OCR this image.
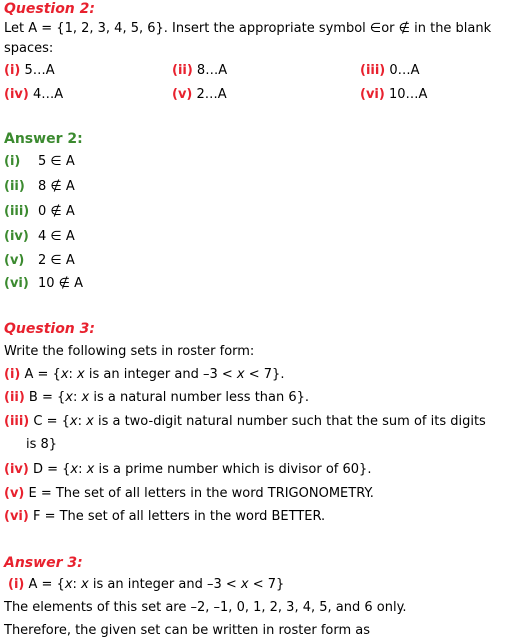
Question 2:
Let A = {1, 2, 3, 4, 5, 6}. Insert the appropriate symbol ∈or ∉ in the blank
spaces:
(i) 5…A	(ii) 8…A	(iii) 0…A
(iv) 4…A	(v) 2…A	(vi) 10…A
Answer 2:
(i) 5 ∈ A
(ii) 8 ∉ A
(iii) 0 ∉ A
(iv) 4 ∈ A
(v) 2 ∈ A
(vi) 10 ∉ A
Question 3:
Write the following sets in roster form:
(i) A = {x: x is an integer and –3 < x < 7}.
(ii) B = {x: x is a natural number less than 6}.
(iii) C = {x: x is a two-digit natural number such that the sum of its digits
is 8}
(iv) D = {x: x is a prime number which is divisor of 60}.
(v) E = The set of all letters in the word TRIGONOMETRY.
(vi) F = The set of all letters in the word BETTER.
Answer 3:
(i) A = {x: x is an integer and –3 < x < 7}
The elements of this set are –2, –1, 0, 1, 2, 3, 4, 5, and 6 only.
Therefore, the given set can be written in roster form as
